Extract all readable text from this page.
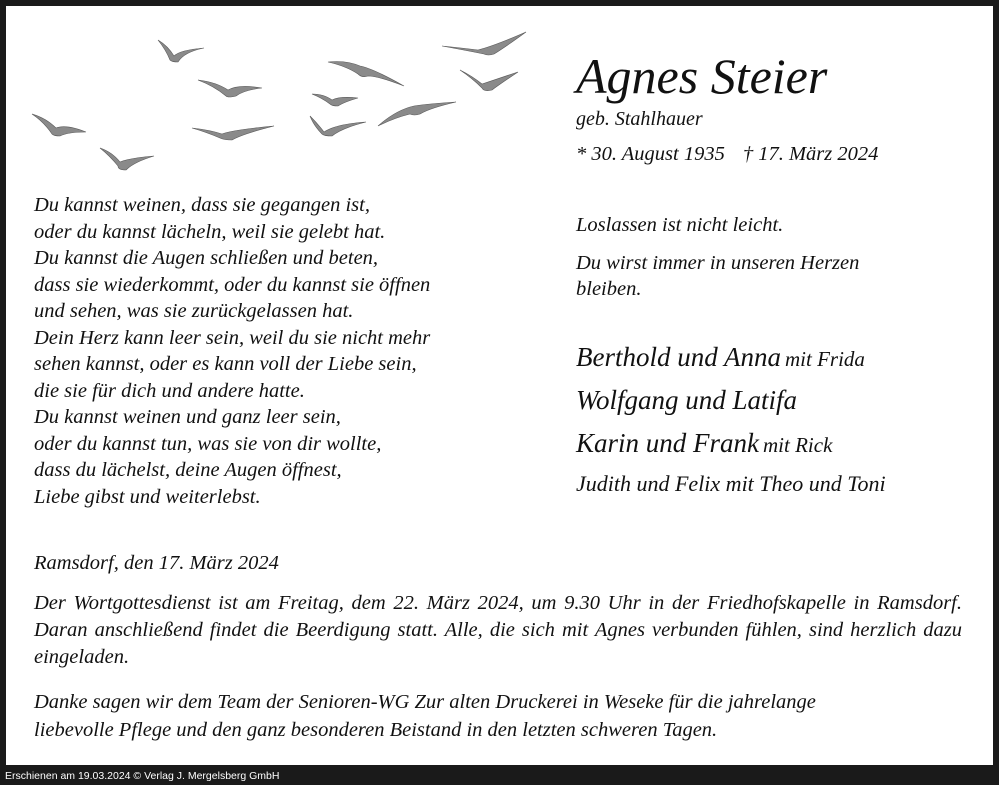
Agnes Steier
geb. Stahlhauer
* 30. August 1935 † 17. März 2024
Du kannst weinen, dass sie gegangen ist,
oder du kannst lächeln, weil sie gelebt hat.
Du kannst die Augen schließen und beten,
dass sie wiederkommt, oder du kannst sie öffnen
und sehen, was sie zurückgelassen hat.
Dein Herz kann leer sein, weil du sie nicht mehr
sehen kannst, oder es kann voll der Liebe sein,
die sie für dich und andere hatte.
Du kannst weinen und ganz leer sein,
oder du kannst tun, was sie von dir wollte,
dass du lächelst, deine Augen öffnest,
Liebe gibst und weiterlebst.
Loslassen ist nicht leicht.
Du wirst immer in unseren Herzen
bleiben.
Berthold und Anna mit Frida
Wolfgang und Latifa
Karin und Frank mit Rick
Judith und Felix mit Theo und Toni
Ramsdorf, den 17. März 2024
Der Wortgottesdienst ist am Freitag, dem 22. März 2024, um 9.30 Uhr in der Friedhofskapelle in Ramsdorf. Daran anschließend findet die Beerdigung statt. Alle, die sich mit Agnes verbunden fühlen, sind herzlich dazu eingeladen.
Danke sagen wir dem Team der Senioren-WG Zur alten Druckerei in Weseke für die jahrelange
liebevolle Pflege und den ganz besonderen Beistand in den letzten schweren Tagen.
Erschienen am 19.03.2024 © Verlag J. Mergelsberg GmbH
